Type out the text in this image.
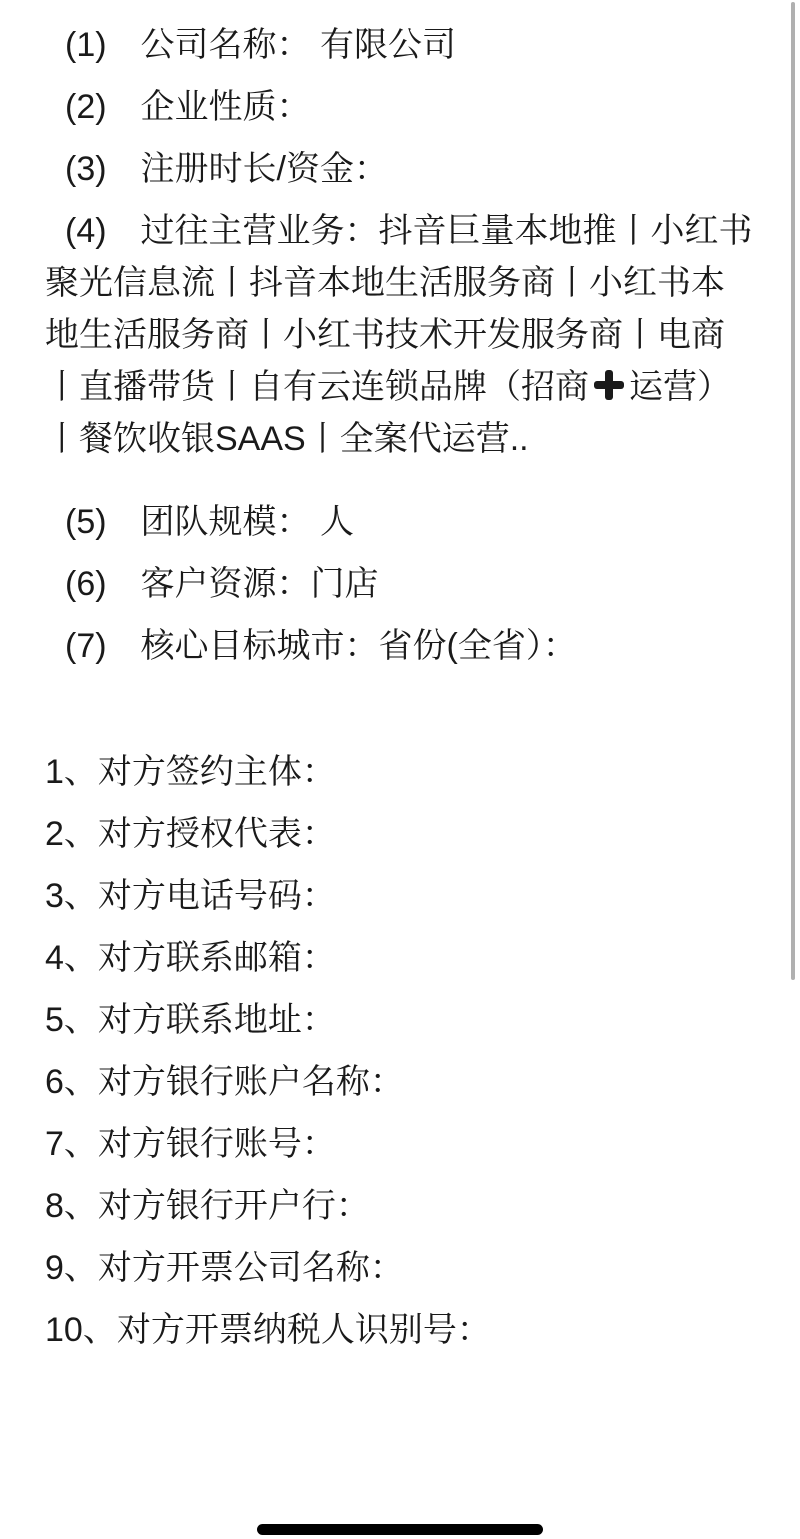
(1)　公司名称： 有限公司

(2)　企业性质：

(3)　注册时长/资金：

(4)　过往主营业务：抖音巨量本地推丨小红书聚光信息流丨抖音本地生活服务商丨小红书本地生活服务商丨小红书技术开发服务商丨电商丨直播带货丨自有云连锁品牌（招商 运营）丨餐饮收银SAAS丨全案代运营..

(5)　团队规模： 人

(6)　客户资源：门店

(7)　核心目标城市：省份(全省）：

1、对方签约主体：

2、对方授权代表：

3、对方电话号码：

4、对方联系邮箱：

5、对方联系地址：

6、对方银行账户名称：

7、对方银行账号：

8、对方银行开户行：

9、对方开票公司名称：

10、对方开票纳税人识别号：
